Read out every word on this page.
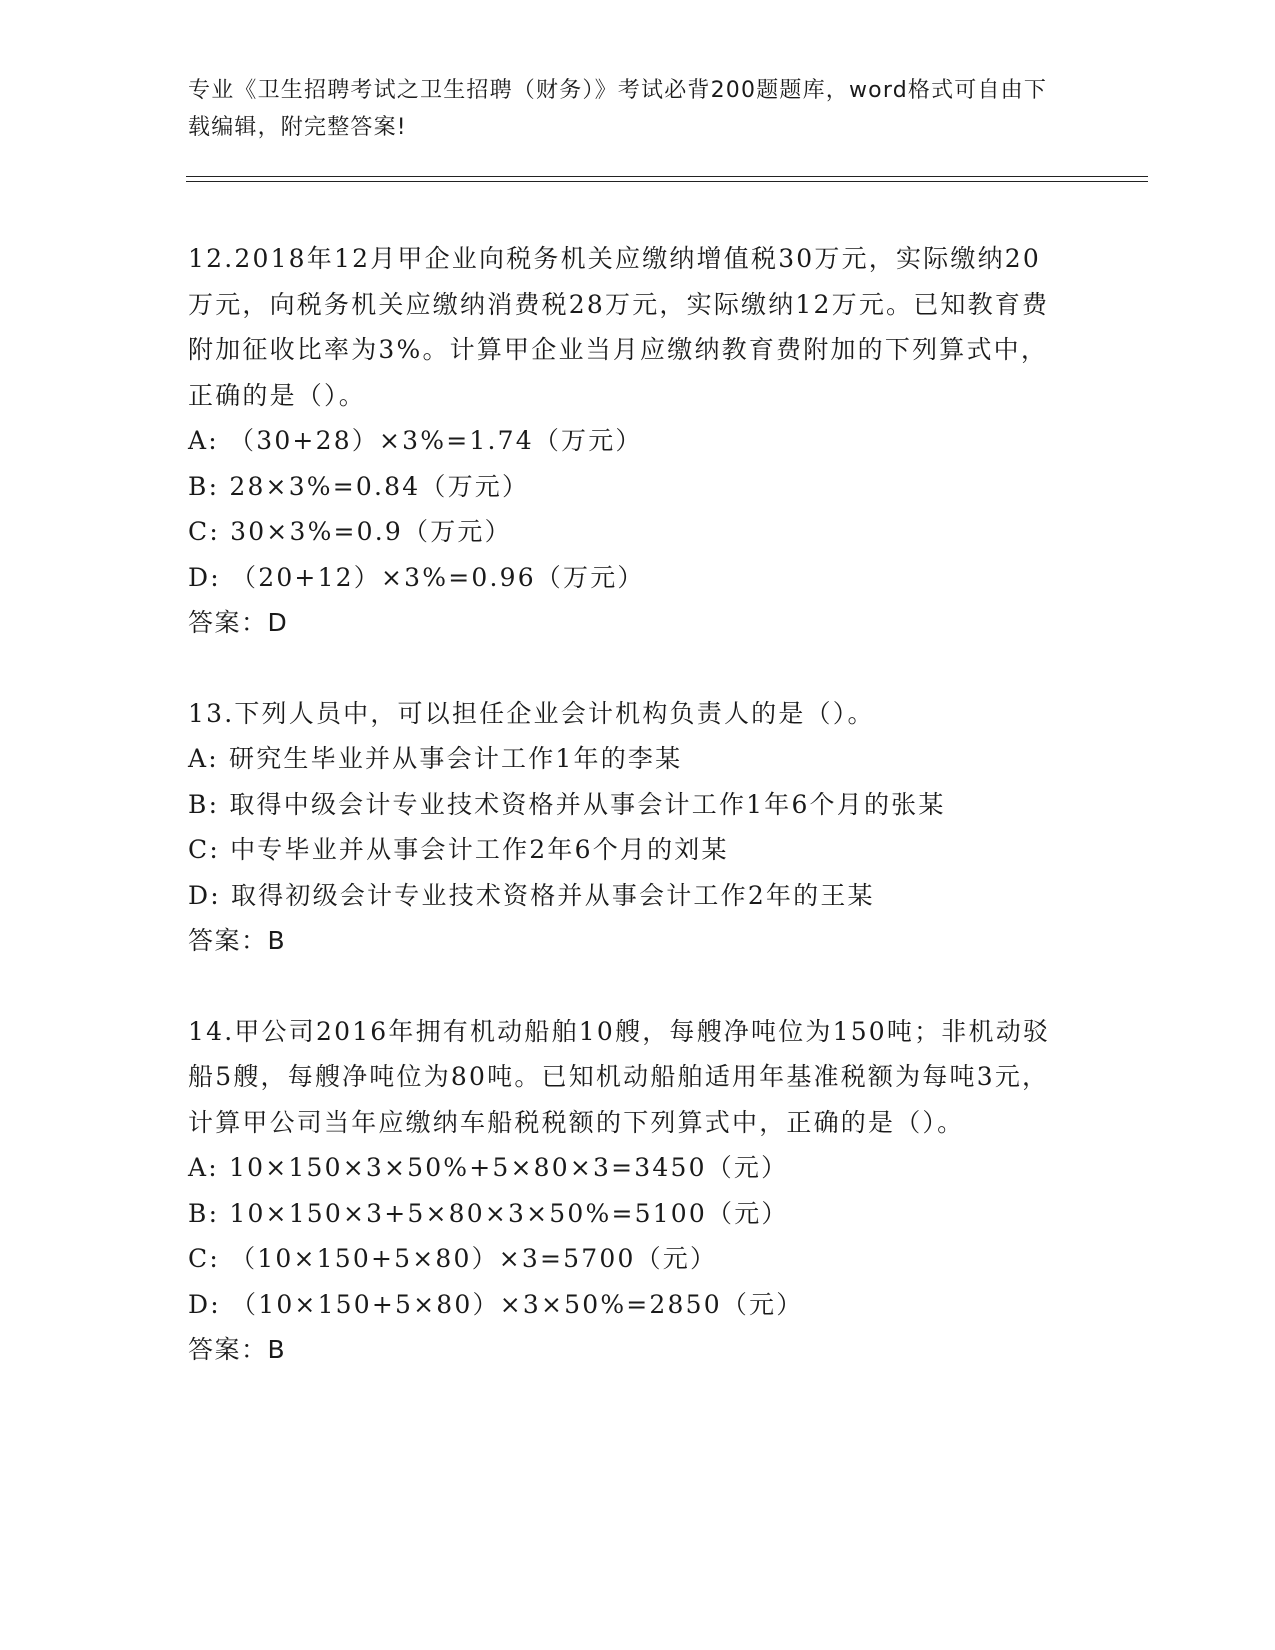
专业《卫生招聘考试之卫生招聘（财务）》考试必背200题题库，word格式可自由下载编辑，附完整答案!

12.2018年12月甲企业向税务机关应缴纳增值税30万元，实际缴纳20万元，向税务机关应缴纳消费税28万元，实际缴纳12万元。已知教育费附加征收比率为3%。计算甲企业当月应缴纳教育费附加的下列算式中，正确的是（）。

A: （30+28）×3%=1.74（万元）

B: 28×3%=0.84（万元）

C: 30×3%=0.9（万元）

D: （20+12）×3%=0.96（万元）

答案：D

13.下列人员中，可以担任企业会计机构负责人的是（）。

A: 研究生毕业并从事会计工作1年的李某

B: 取得中级会计专业技术资格并从事会计工作1年6个月的张某

C: 中专毕业并从事会计工作2年6个月的刘某

D: 取得初级会计专业技术资格并从事会计工作2年的王某

答案：B

14.甲公司2016年拥有机动船舶10艘，每艘净吨位为150吨；非机动驳船5艘，每艘净吨位为80吨。已知机动船舶适用年基准税额为每吨3元，计算甲公司当年应缴纳车船税税额的下列算式中，正确的是（）。

A: 10×150×3×50%+5×80×3=3450（元）

B: 10×150×3+5×80×3×50%=5100（元）

C: （10×150+5×80）×3=5700（元）

D: （10×150+5×80）×3×50%=2850（元）

答案：B
